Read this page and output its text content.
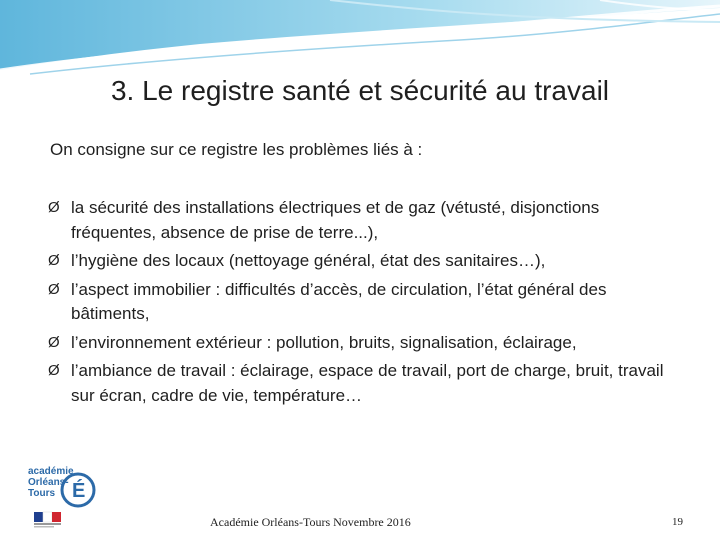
3. Le registre santé et sécurité au travail
On consigne sur ce registre les problèmes liés à :
Ø la sécurité des installations électriques et de gaz (vétusté, disjonctions fréquentes, absence de prise de terre...),
Ø l’hygiène des locaux (nettoyage général, état des sanitaires…),
Ø l’aspect immobilier : difficultés d’accès, de circulation, l’état général des bâtiments,
Ø l’environnement extérieur : pollution, bruits, signalisation, éclairage,
Ø l’ambiance de travail : éclairage, espace de travail, port de charge, bruit, travail sur écran, cadre de vie, température…
académie
Orléans-Tours É
Académie Orléans-Tours Novembre 2016	19
